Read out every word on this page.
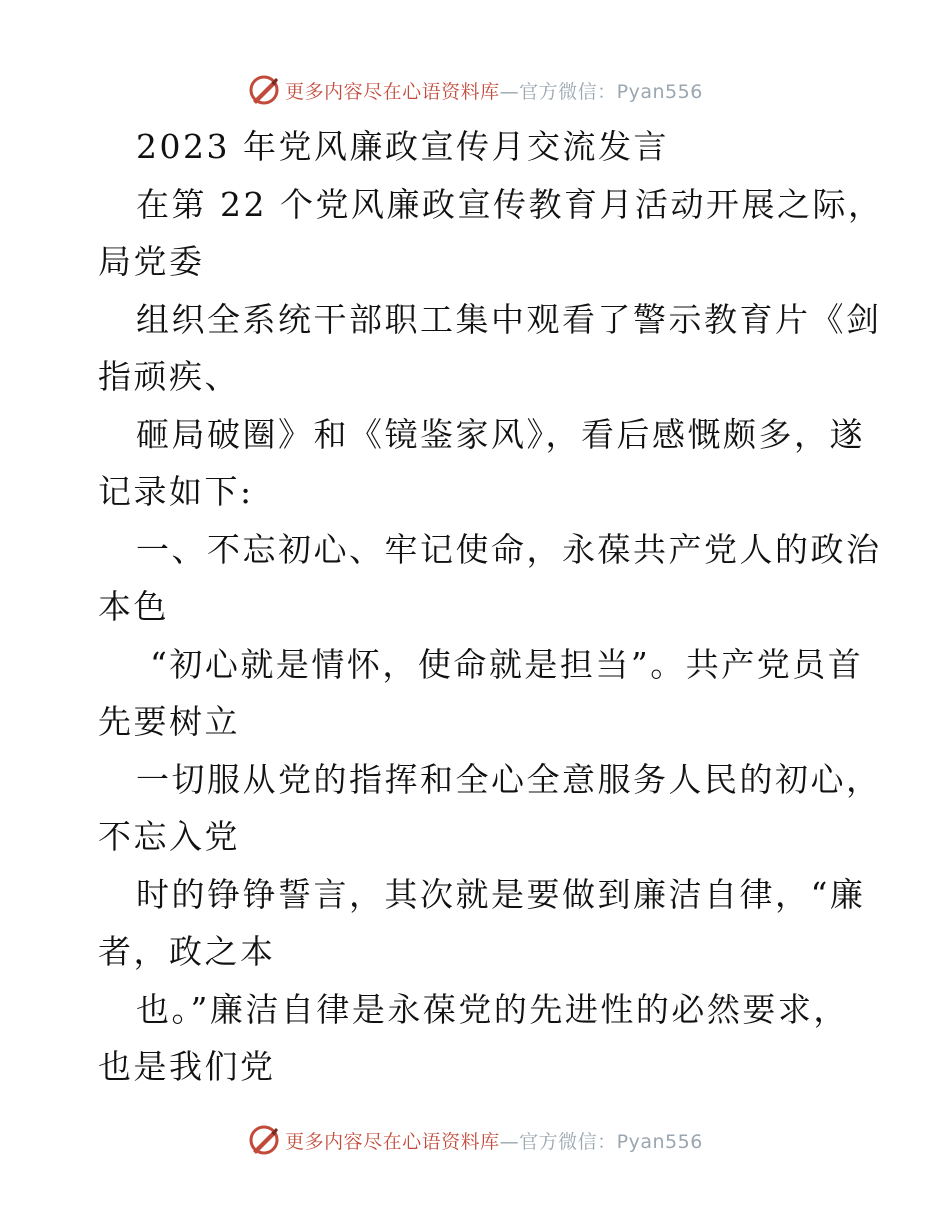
更多内容尽在心语资料库—官方微信：Pyan556
2023 年党风廉政宣传月交流发言
在第 22 个党风廉政宣传教育月活动开展之际，
局党委
组织全系统干部职工集中观看了警示教育片《剑
指顽疾、
砸局破圈》和《镜鉴家风》，看后感慨颇多，遂
记录如下:
一、不忘初心、牢记使命，永葆共产党人的政治
本色
“初心就是情怀，使命就是担当”。共产党员首
先要树立
一切服从党的指挥和全心全意服务人民的初心，
不忘入党
时的铮铮誓言，其次就是要做到廉洁自律，“廉
者，政之本
也。”廉洁自律是永葆党的先进性的必然要求，
也是我们党
更多内容尽在心语资料库—官方微信：Pyan556
